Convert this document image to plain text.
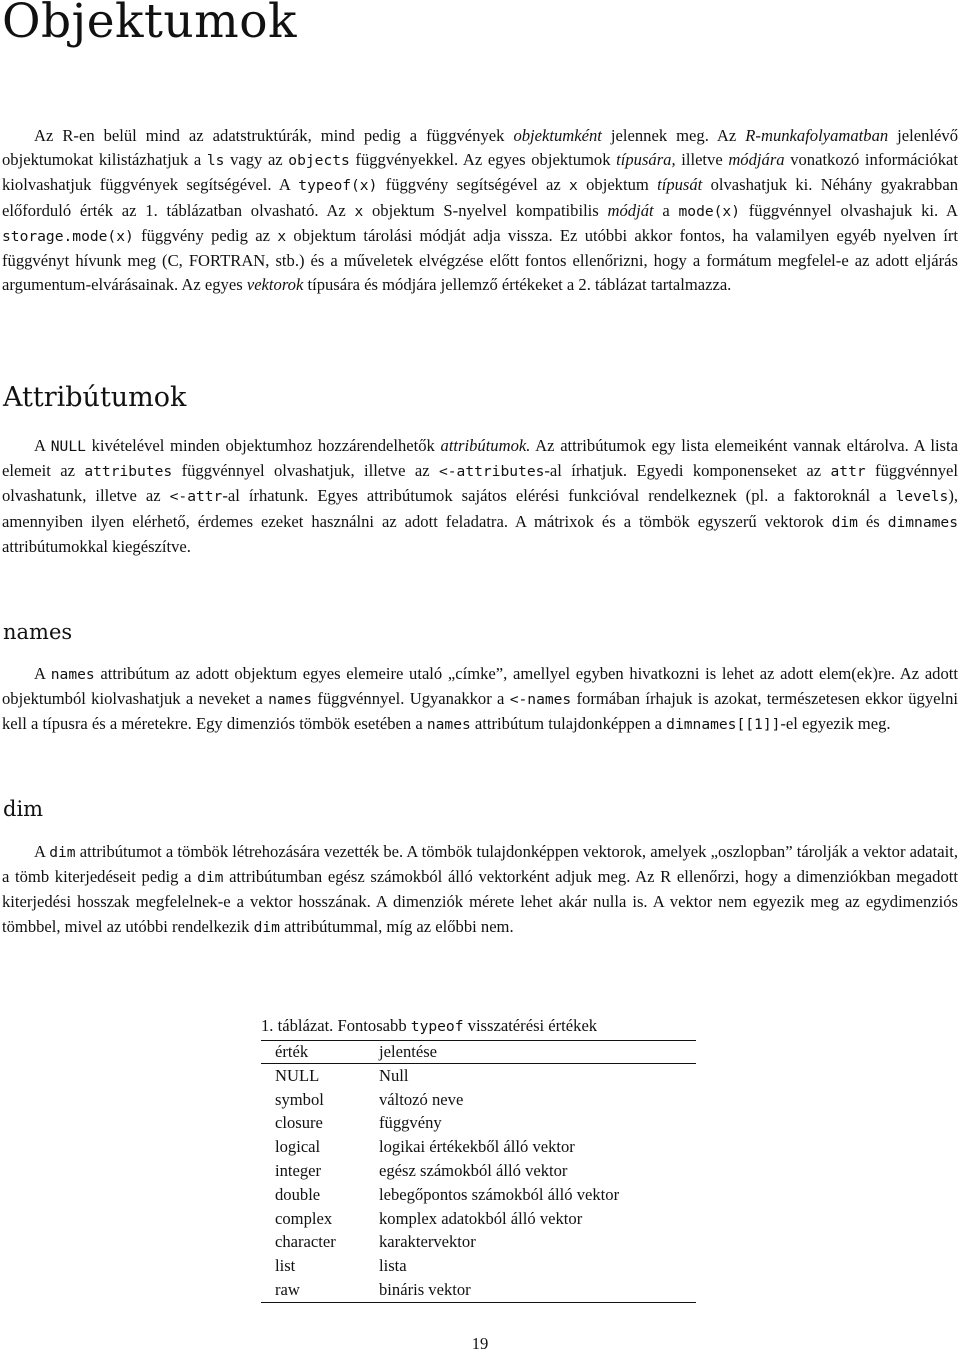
Objektumok

Az R-en belül mind az adatstruktúrák, mind pedig a függvények objektumként jelennek meg. Az R-munkafolyamatban jelenlévő objektumokat kilistázhatjuk a ls vagy az objects függvényekkel. Az egyes objektumok típusára, illetve módjára vonatkozó információkat kiolvashatjuk függvények segítségével. A typeof(x) függvény segítségével az x objektum típusát olvashatjuk ki. Néhány gyakrabban előforduló érték az 1. táblázatban olvasható. Az x objektum S-nyelvel kompatibilis módját a mode(x) függvénnyel olvashajuk ki. A storage.mode(x) függvény pedig az x objektum tárolási módját adja vissza. Ez utóbbi akkor fontos, ha valamilyen egyéb nyelven írt függvényt hívunk meg (C, FORTRAN, stb.) és a műveletek elvégzése előtt fontos ellenőrizni, hogy a formátum megfelel-e az adott eljárás argumentum-elvárásainak. Az egyes vektorok típusára és módjára jellemző értékeket a 2. táblázat tartalmazza.

Attribútumok

A NULL kivételével minden objektumhoz hozzárendelhetők attribútumok. Az attribútumok egy lista elemeiként vannak eltárolva. A lista elemeit az attributes függvénnyel olvashatjuk, illetve az <-attributes-al írhatjuk. Egyedi komponenseket az attr függvénnyel olvashatunk, illetve az <-attr-al írhatunk. Egyes attribútumok sajátos elérési funkcióval rendelkeznek (pl. a faktoroknál a levels), amennyiben ilyen elérhető, érdemes ezeket használni az adott feladatra. A mátrixok és a tömbök egyszerű vektorok dim és dimnames attribútumokkal kiegészítve.

names

A names attribútum az adott objektum egyes elemeire utaló „címke”, amellyel egyben hivatkozni is lehet az adott elem(ek)re. Az adott objektumból kiolvashatjuk a neveket a names függvénnyel. Ugyanakkor a <-names formában írhajuk is azokat, természetesen ekkor ügyelni kell a típusra és a méretekre. Egy dimenziós tömbök esetében a names attribútum tulajdonképpen a dimnames[[1]]-el egyezik meg.

dim

A dim attribútumot a tömbök létrehozására vezették be. A tömbök tulajdonképpen vektorok, amelyek „oszlopban” tárolják a vektor adatait, a tömb kiterjedéseit pedig a dim attribútumban egész számokból álló vektorként adjuk meg. Az R ellenőrzi, hogy a dimenziókban megadott kiterjedési hosszak megfelelnek-e a vektor hosszának. A dimenziók mérete lehet akár nulla is. A vektor nem egyezik meg az egydimenziós tömbbel, mivel az utóbbi rendelkezik dim attribútummal, míg az előbbi nem.

1. táblázat. Fontosabb typeof visszatérési értékek

érték	jelentése
NULL	Null
symbol	változó neve
closure	függvény
logical	logikai értékekből álló vektor
integer	egész számokból álló vektor
double	lebegőpontos számokból álló vektor
complex	komplex adatokból álló vektor
character	karaktervektor
list	lista
raw	bináris vektor
19
